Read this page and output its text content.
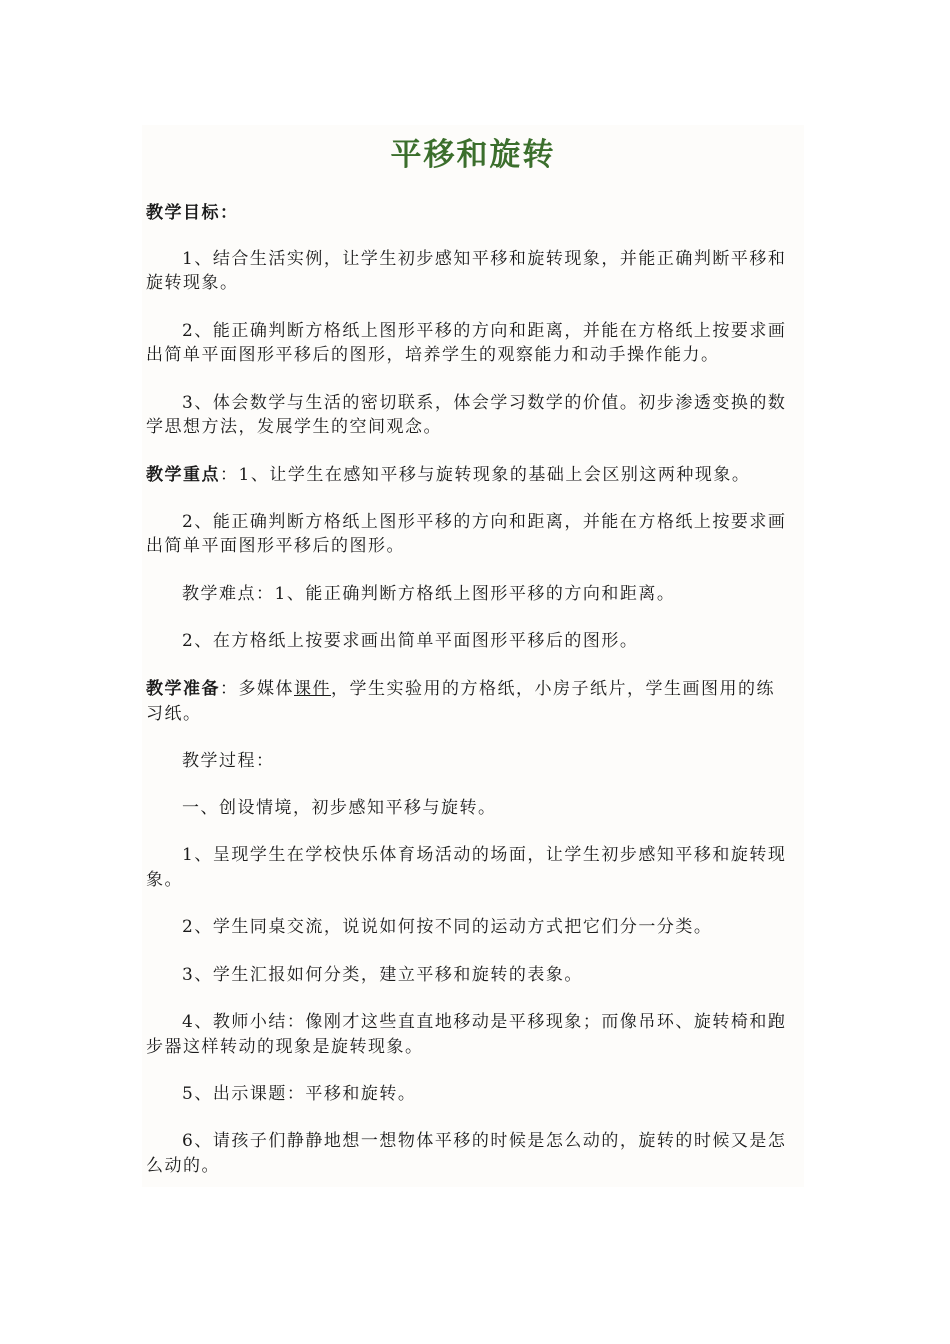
平移和旋转
教学目标：
1、结合生活实例，让学生初步感知平移和旋转现象，并能正确判断平移和
旋转现象。
2、能正确判断方格纸上图形平移的方向和距离，并能在方格纸上按要求画
出简单平面图形平移后的图形，培养学生的观察能力和动手操作能力。
3、体会数学与生活的密切联系，体会学习数学的价值。初步渗透变换的数
学思想方法，发展学生的空间观念。
教学重点：1、让学生在感知平移与旋转现象的基础上会区别这两种现象。
2、能正确判断方格纸上图形平移的方向和距离，并能在方格纸上按要求画
出简单平面图形平移后的图形。
教学难点：1、能正确判断方格纸上图形平移的方向和距离。
2、在方格纸上按要求画出简单平面图形平移后的图形。
教学准备：多媒体课件，学生实验用的方格纸，小房子纸片，学生画图用的练
习纸。
教学过程：
一、创设情境，初步感知平移与旋转。
1、呈现学生在学校快乐体育场活动的场面，让学生初步感知平移和旋转现
象。
2、学生同桌交流，说说如何按不同的运动方式把它们分一分类。
3、学生汇报如何分类，建立平移和旋转的表象。
4、教师小结：像刚才这些直直地移动是平移现象；而像吊环、旋转椅和跑
步器这样转动的现象是旋转现象。
5、出示课题：平移和旋转。
6、请孩子们静静地想一想物体平移的时候是怎么动的，旋转的时候又是怎
么动的。
